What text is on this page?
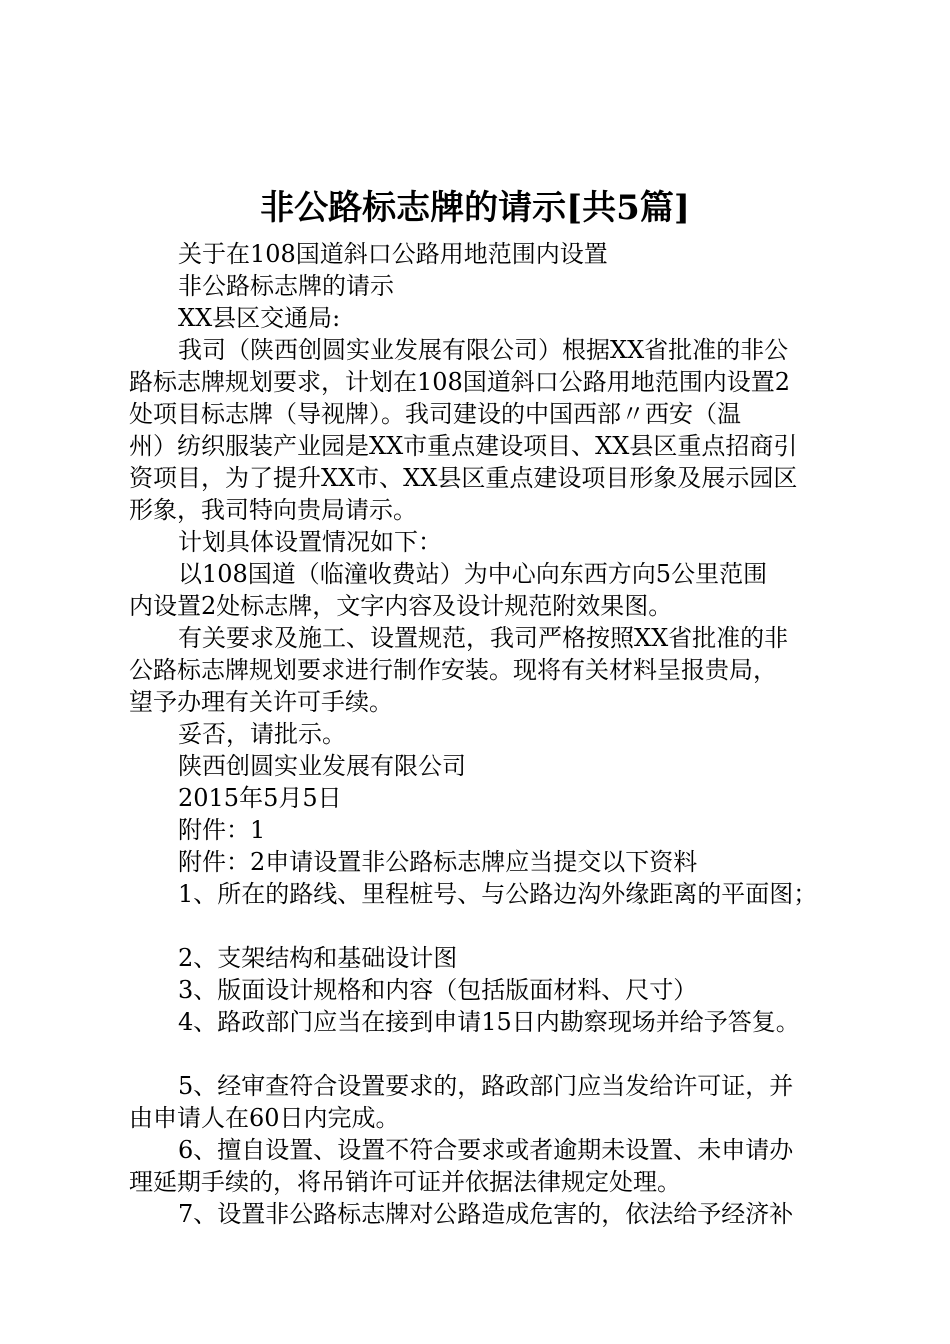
非公路标志牌的请示[共5篇]
关于在108国道斜口公路用地范围内设置
非公路标志牌的请示
XX县区交通局:
我司（陕西创圆实业发展有限公司）根据XX省批准的非公
路标志牌规划要求，计划在108国道斜口公路用地范围内设置2
处项目标志牌（导视牌）。我司建设的中国西部〃西安（温
州）纺织服装产业园是XX市重点建设项目、XX县区重点招商引
资项目，为了提升XX市、XX县区重点建设项目形象及展示园区
形象，我司特向贵局请示。
计划具体设置情况如下：
以108国道（临潼收费站）为中心向东西方向5公里范围
内设置2处标志牌，文字内容及设计规范附效果图。
有关要求及施工、设置规范，我司严格按照XX省批准的非
公路标志牌规划要求进行制作安装。现将有关材料呈报贵局，
望予办理有关许可手续。
妥否，请批示。
陕西创圆实业发展有限公司
2015年5月5日
附件：1
附件：2申请设置非公路标志牌应当提交以下资料
1、所在的路线、里程桩号、与公路边沟外缘距离的平面图；
2、支架结构和基础设计图
3、版面设计规格和内容（包括版面材料、尺寸）
4、路政部门应当在接到申请15日内勘察现场并给予答复。
5、经审查符合设置要求的，路政部门应当发给许可证，并
由申请人在60日内完成。
6、擅自设置、设置不符合要求或者逾期未设置、未申请办
理延期手续的，将吊销许可证并依据法律规定处理。
7、设置非公路标志牌对公路造成危害的，依法给予经济补
